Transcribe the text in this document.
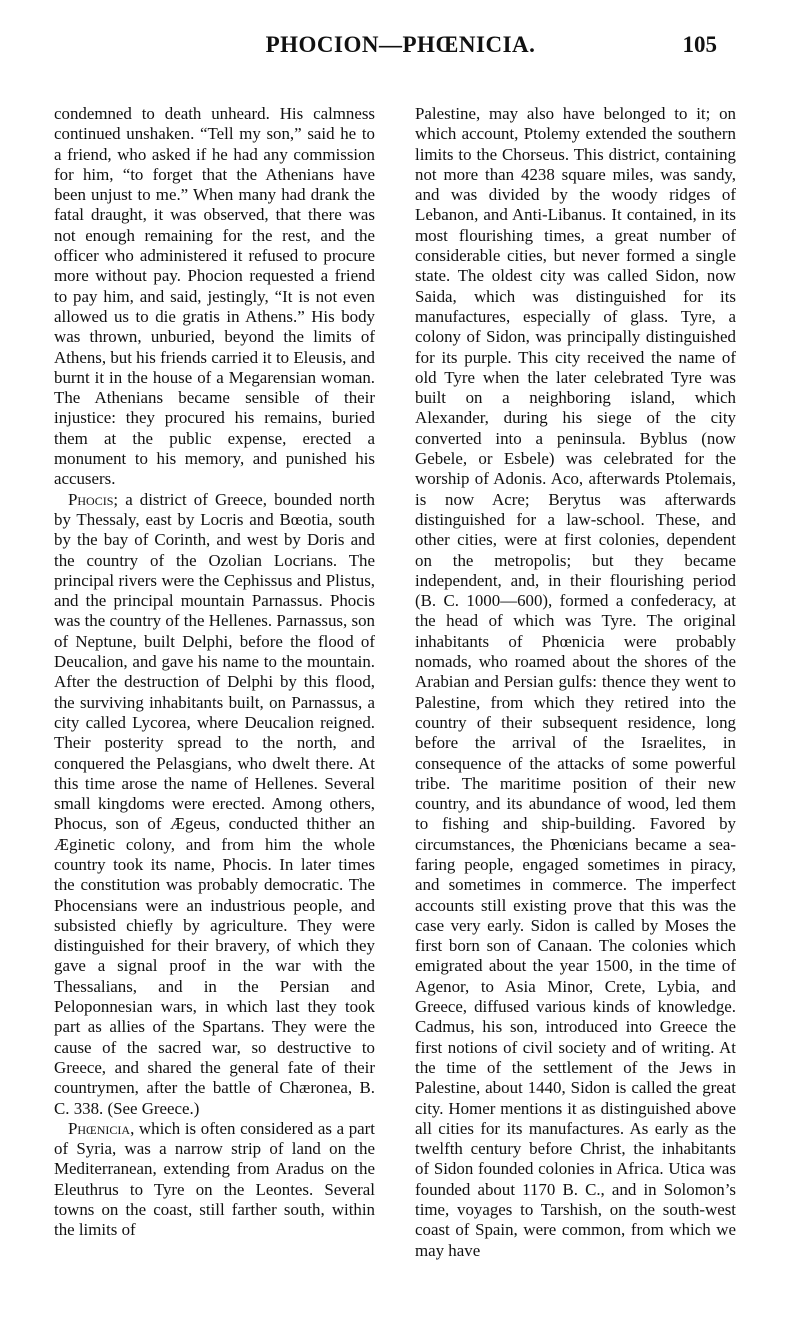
PHOCION—PHŒNICIA.	105

condemned to death unheard. His calmness continued unshaken. “Tell my son,” said he to a friend, who asked if he had any commission for him, “to forget that the Athenians have been unjust to me.” When many had drank the fatal draught, it was observed, that there was not enough remaining for the rest, and the officer who administered it refused to procure more without pay. Phocion requested a friend to pay him, and said, jestingly, “It is not even allowed us to die gratis in Athens.” His body was thrown, unburied, beyond the limits of Athens, but his friends carried it to Eleusis, and burnt it in the house of a Megarensian woman. The Athenians became sensible of their injustice: they procured his remains, buried them at the public expense, erected a monument to his memory, and punished his accusers.

Phocis; a district of Greece, bounded north by Thessaly, east by Locris and Bœotia, south by the bay of Corinth, and west by Doris and the country of the Ozolian Locrians. The principal rivers were the Cephissus and Plistus, and the principal mountain Parnassus. Phocis was the country of the Hellenes. Parnassus, son of Neptune, built Delphi, before the flood of Deucalion, and gave his name to the mountain. After the destruction of Delphi by this flood, the surviving inhabitants built, on Parnassus, a city called Lycorea, where Deucalion reigned. Their posterity spread to the north, and conquered the Pelasgians, who dwelt there. At this time arose the name of Hellenes. Several small kingdoms were erected. Among others, Phocus, son of Ægeus, conducted thither an Æginetic colony, and from him the whole country took its name, Phocis. In later times the constitution was probably democratic. The Phocensians were an industrious people, and subsisted chiefly by agriculture. They were distinguished for their bravery, of which they gave a signal proof in the war with the Thessalians, and in the Persian and Peloponnesian wars, in which last they took part as allies of the Spartans. They were the cause of the sacred war, so destructive to Greece, and shared the general fate of their countrymen, after the battle of Chæronea, B. C. 338. (See Greece.)

Phœnicia, which is often considered as a part of Syria, was a narrow strip of land on the Mediterranean, extending from Aradus on the Eleuthrus to Tyre on the Leontes. Several towns on the coast, still farther south, within the limits of

Palestine, may also have belonged to it; on which account, Ptolemy extended the southern limits to the Chorseus. This district, containing not more than 4238 square miles, was sandy, and was divided by the woody ridges of Lebanon, and Anti-Libanus. It contained, in its most flourishing times, a great number of considerable cities, but never formed a single state. The oldest city was called Sidon, now Saida, which was distinguished for its manufactures, especially of glass. Tyre, a colony of Sidon, was principally distinguished for its purple. This city received the name of old Tyre when the later celebrated Tyre was built on a neighboring island, which Alexander, during his siege of the city converted into a peninsula. Byblus (now Gebele, or Esbele) was celebrated for the worship of Adonis. Aco, afterwards Ptolemais, is now Acre; Berytus was afterwards distinguished for a law-school. These, and other cities, were at first colonies, dependent on the metropolis; but they became independent, and, in their flourishing period (B. C. 1000—600), formed a confederacy, at the head of which was Tyre. The original inhabitants of Phœnicia were probably nomads, who roamed about the shores of the Arabian and Persian gulfs: thence they went to Palestine, from which they retired into the country of their subsequent residence, long before the arrival of the Israelites, in consequence of the attacks of some powerful tribe. The maritime position of their new country, and its abundance of wood, led them to fishing and ship-building. Favored by circumstances, the Phœnicians became a sea-faring people, engaged sometimes in piracy, and sometimes in commerce. The imperfect accounts still existing prove that this was the case very early. Sidon is called by Moses the first born son of Canaan. The colonies which emigrated about the year 1500, in the time of Agenor, to Asia Minor, Crete, Lybia, and Greece, diffused various kinds of knowledge. Cadmus, his son, introduced into Greece the first notions of civil society and of writing. At the time of the settlement of the Jews in Palestine, about 1440, Sidon is called the great city. Homer mentions it as distinguished above all cities for its manufactures. As early as the twelfth century before Christ, the inhabitants of Sidon founded colonies in Africa. Utica was founded about 1170 B. C., and in Solomon’s time, voyages to Tarshish, on the south-west coast of Spain, were common, from which we may have
